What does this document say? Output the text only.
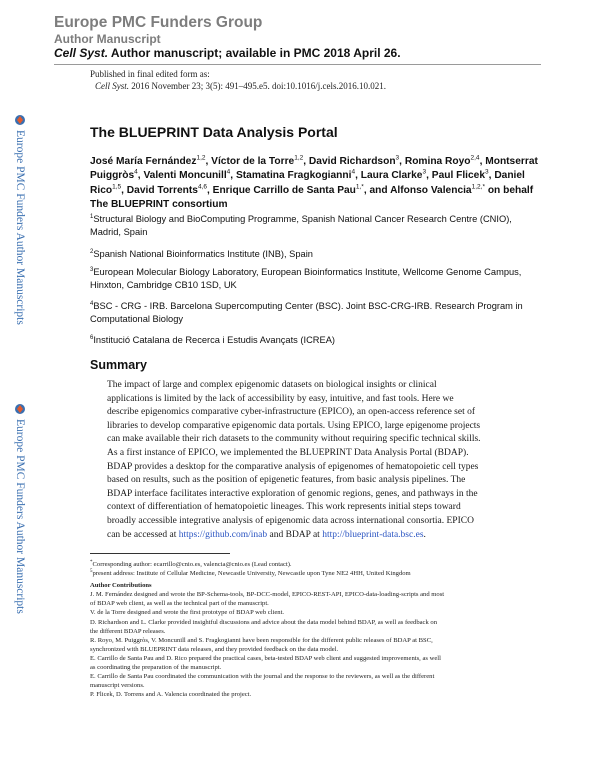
Europe PMC Funders Group
Author Manuscript
Cell Syst. Author manuscript; available in PMC 2018 April 26.
Published in final edited form as:
Cell Syst. 2016 November 23; 3(5): 491–495.e5. doi:10.1016/j.cels.2016.10.021.
Europe PMC Funders Author Manuscripts
Europe PMC Funders Author Manuscripts
The BLUEPRINT Data Analysis Portal
José María Fernández$^{1,2}$, Víctor de la Torre$^{1,2}$, David Richardson$^3$, Romina Royo$^{2,4}$, Montserrat Puiggròs$^4$, Valenti Moncunill$^4$, Stamatina Fragkogianni$^4$, Laura Clarke$^3$, Paul Flicek$^3$, Daniel Rico$^{1,5}$, David Torrents$^{4,6}$, Enrique Carrillo de Santa Pau$^{1,*}$, and Alfonso Valencia$^{1,2,*}$ on behalf The BLUEPRINT consortium
$^1$Structural Biology and BioComputing Programme, Spanish National Cancer Research Centre (CNIO), Madrid, Spain
$^2$Spanish National Bioinformatics Institute (INB), Spain
$^3$European Molecular Biology Laboratory, European Bioinformatics Institute, Wellcome Genome Campus, Hinxton, Cambridge CB10 1SD, UK
$^4$BSC - CRG - IRB. Barcelona Supercomputing Center (BSC). Joint BSC-CRG-IRB. Research Program in Computational Biology
$^6$Institució Catalana de Recerca i Estudis Avançats (ICREA)
Summary
The impact of large and complex epigenomic datasets on biological insights or clinical
applications is limited by the lack of accessibility by easy, intuitive, and fast tools. Here we
describe epigenomics comparative cyber-infrastructure (EPICO), an open-access reference set of
libraries to develop comparative epigenomic data portals. Using EPICO, large epigenome projects
can make available their rich datasets to the community without requiring specific technical skills.
As a first instance of EPICO, we implemented the BLUEPRINT Data Analysis Portal (BDAP).
BDAP provides a desktop for the comparative analysis of epigenomes of hematopoietic cell types
based on results, such as the position of epigenetic features, from basic analysis pipelines. The
BDAP interface facilitates interactive exploration of genomic regions, genes, and pathways in the
context of differentiation of hematopoietic lineages. This work represents initial steps toward
broadly accessible integrative analysis of epigenomic data across international consortia. EPICO
can be accessed at https://github.com/inab and BDAP at http://blueprint-data.bsc.es.
*Corresponding author: ecarrillo@cnio.es, valencia@cnio.es (Lead contact).
$^5$present address: Institute of Cellular Medicine, Newcastle University, Newcastle upon Tyne NE2 4HH, United Kingdom
Author Contributions
J. M. Fernández designed and wrote the BP-Schema-tools, BP-DCC-model, EPICO-REST-API, EPICO-data-loading-scripts and most
of BDAP web client, as well as the technical part of the manuscript.
V. de la Torre designed and wrote the first prototype of BDAP web client.
D. Richardson and L. Clarke provided insightful discussions and advice about the data model behind BDAP, as well as feedback on
the different BDAP releases.
R. Royo, M. Puiggròs, V. Moncunill and S. Fragkogianni have been responsible for the different public releases of BDAP at BSC,
synchronized with BLUEPRINT data releases, and they provided feedback on the data model.
E. Carrillo de Santa Pau and D. Rico prepared the practical cases, beta-tested BDAP web client and suggested improvements, as well
as coordinating the preparation of the manuscript.
E. Carrillo de Santa Pau coordinated the communication with the journal and the response to the reviewers, as well as the different
manuscript versions.
P. Flicek, D. Torrens and A. Valencia coordinated the project.
